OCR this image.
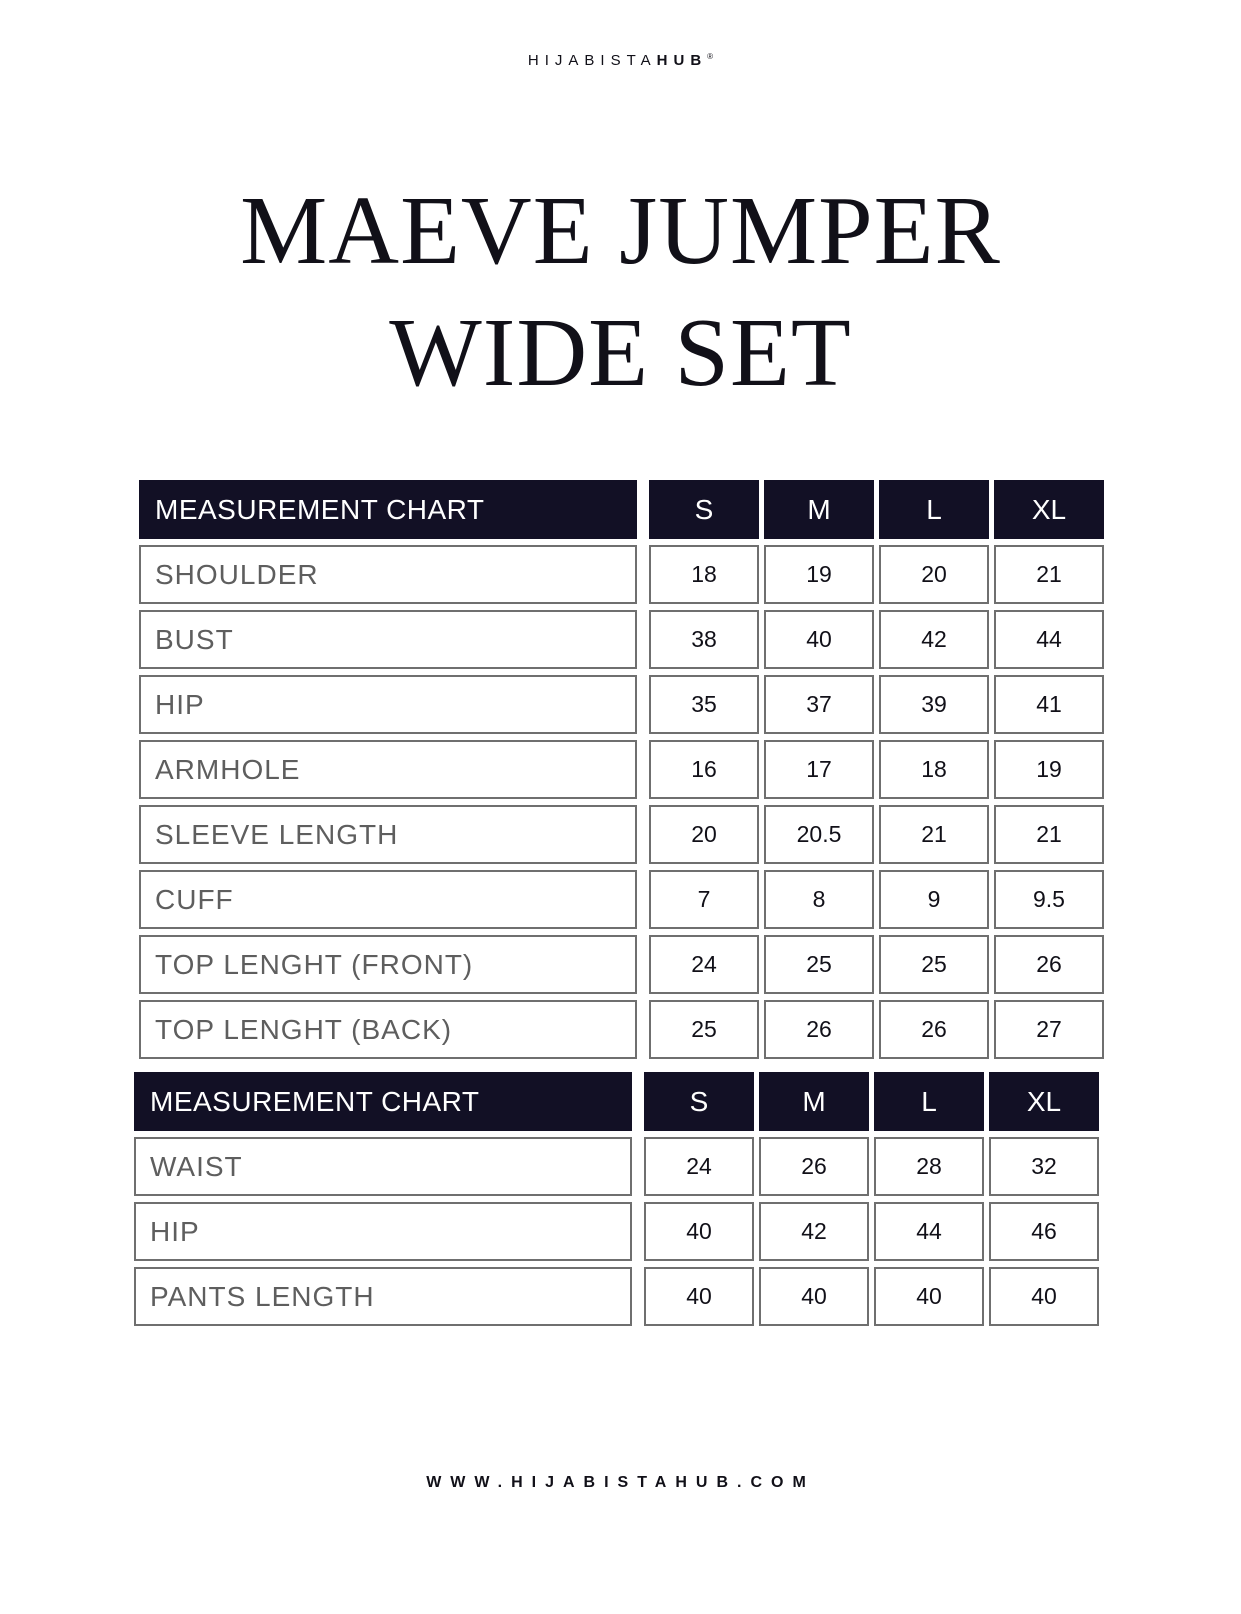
HIJABISTAHUB®
MAEVE JUMPER
WIDE SET
MEASUREMENT CHART	S	M	L	XL
SHOULDER	18	19	20	21
BUST	38	40	42	44
HIP	35	37	39	41
ARMHOLE	16	17	18	19
SLEEVE LENGTH	20	20.5	21	21
CUFF	7	8	9	9.5
TOP LENGHT (FRONT)	24	25	25	26
TOP LENGHT (BACK)	25	26	26	27
MEASUREMENT CHART	S	M	L	XL
WAIST	24	26	28	32
HIP	40	42	44	46
PANTS LENGTH	40	40	40	40
WWW.HIJABISTAHUB.COM
